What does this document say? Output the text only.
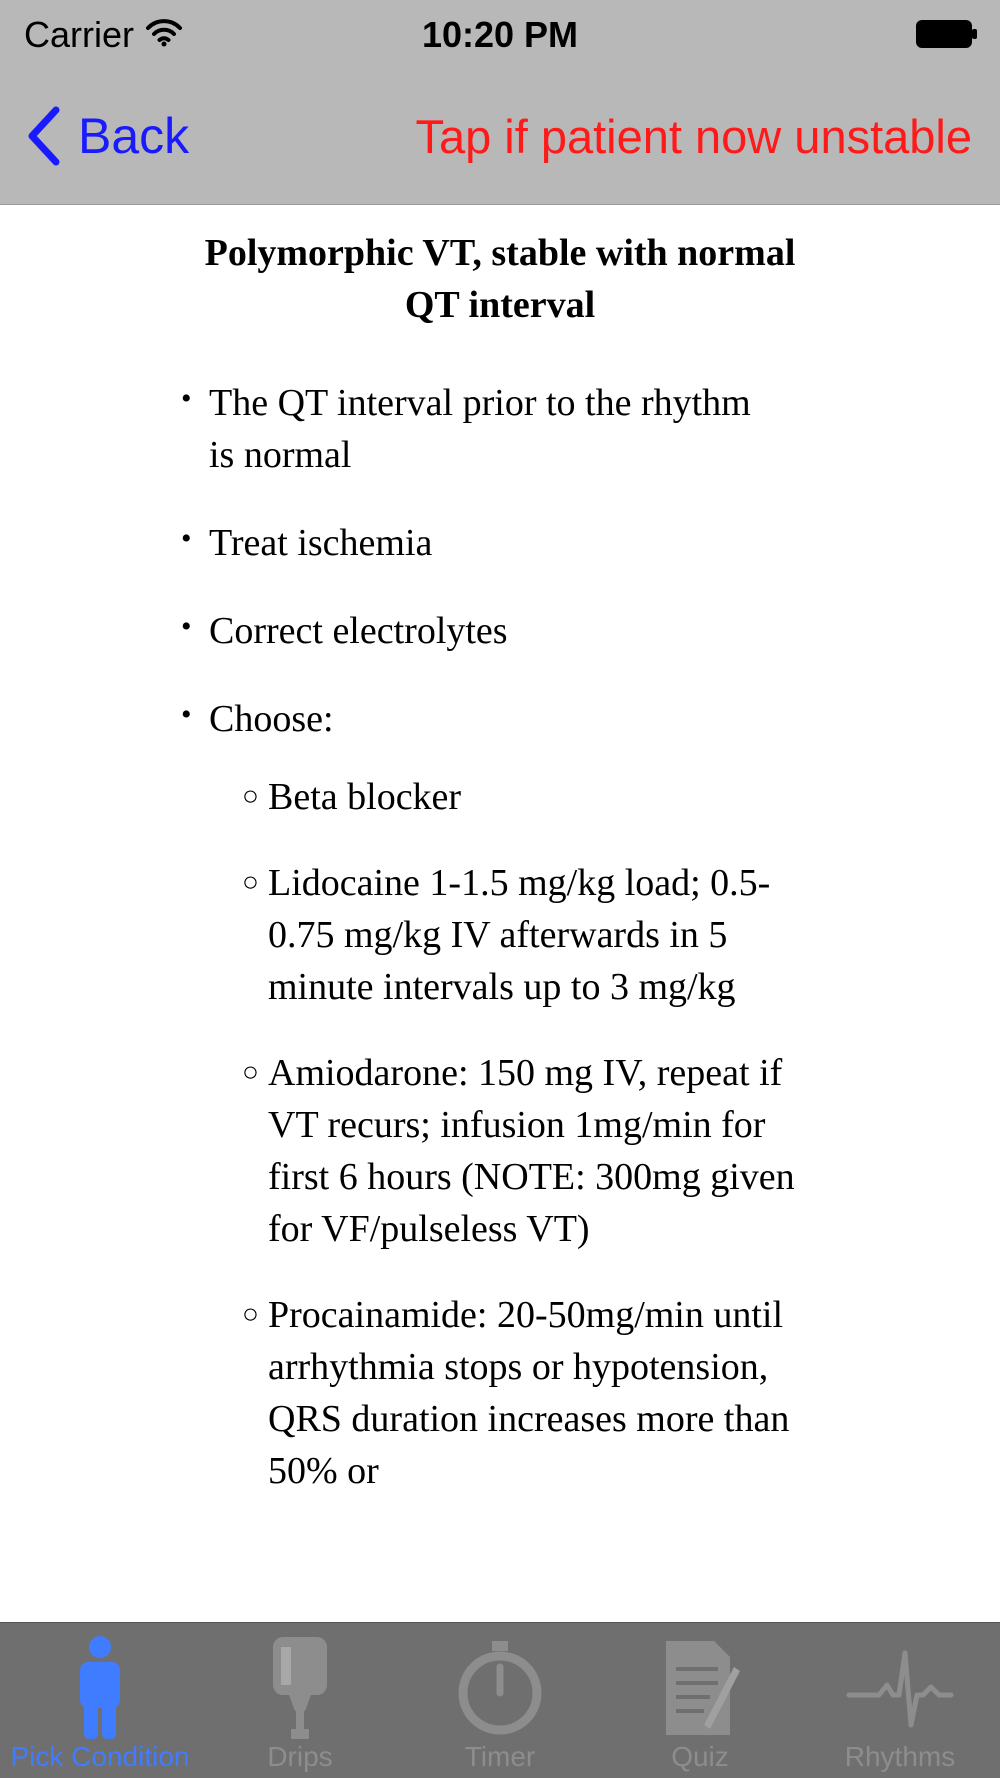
Carrier	10:20 PM
Back	Tap if patient now unstable
Polymorphic VT, stable with normal QT interval
• The QT interval prior to the rhythm is normal
• Treat ischemia
• Correct electrolytes
• Choose:
○ Beta blocker
○ Lidocaine 1-1.5 mg/kg load; 0.5-0.75 mg/kg IV afterwards in 5 minute intervals up to 3 mg/kg
○ Amiodarone: 150 mg IV, repeat if VT recurs; infusion 1mg/min for first 6 hours (NOTE: 300mg given for VF/pulseless VT)
○ Procainamide: 20-50mg/min until arrhythmia stops or hypotension, QRS duration increases more than 50% or
Pick Condition	Drips	Timer	Quiz	Rhythms
